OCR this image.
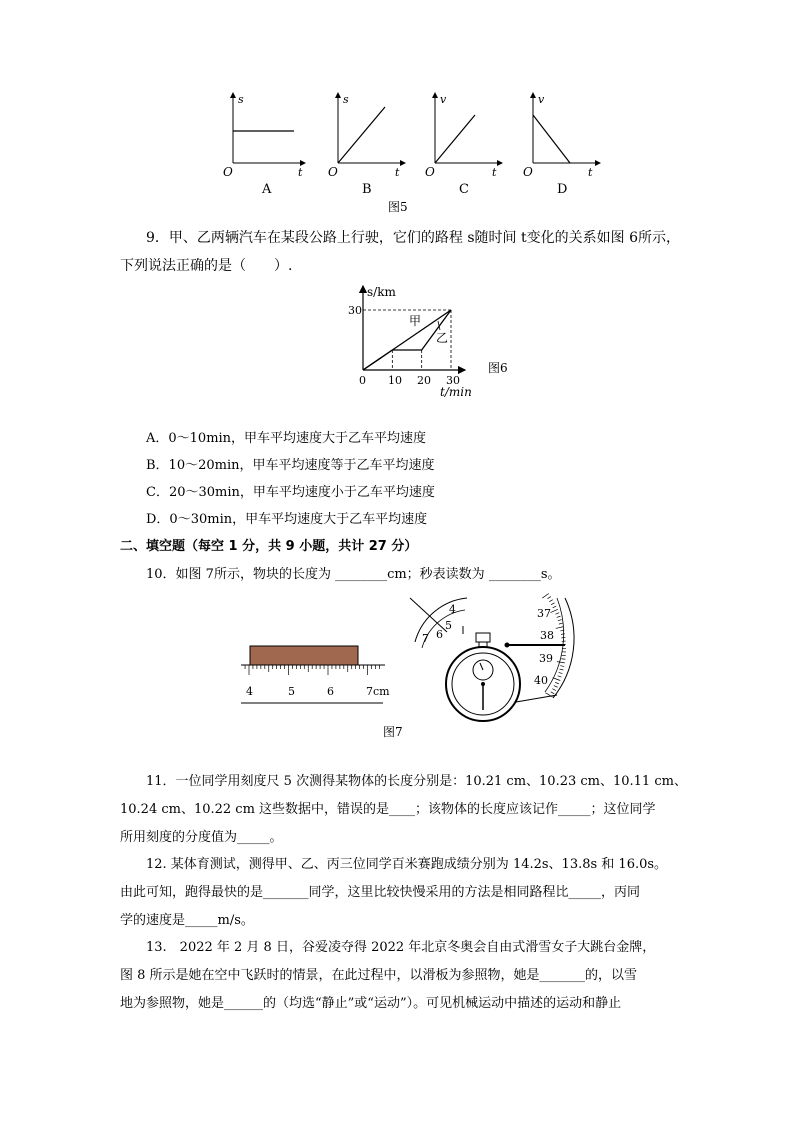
s
t
O
A
s
t
O
B
v
t
O
C
v
t
O
D
图5
9．甲、乙两辆汽车在某段公路上行驶，它们的路程 s随时间 t变化的关系如图 6所示，
下列说法正确的是（　　）.
s/km
30
0 10 20 30
t/min
甲
乙
图6
A．0～10min，甲车平均速度大于乙车平均速度
B．10～20min，甲车平均速度等于乙车平均速度
C．20～30min，甲车平均速度小于乙车平均速度
D．0～30min，甲车平均速度大于乙车平均速度
二、填空题（每空 1 分，共 9 小题，共计 27 分）
10．如图 7所示，物块的长度为 ________cm；秒表读数为 ________s。
4	5	6	7cm
4
5
6
7
37
38
39
40
图7
11．一位同学用刻度尺 5 次测得某物体的长度分别是：10.21 cm、10.23 cm、10.11 cm、
10.24 cm、10.22 cm 这些数据中，错误的是____；该物体的长度应该记作_____；这位同学
所用刻度的分度值为_____。
12. 某体育测试，测得甲、乙、丙三位同学百米赛跑成绩分别为 14.2s、13.8s 和 16.0s。
由此可知，跑得最快的是_______同学，这里比较快慢采用的方法是相同路程比_____，丙同
学的速度是_____m/s。
13.　2022 年 2 月 8 日，谷爱凌夺得 2022 年北京冬奥会自由式滑雪女子大跳台金牌，
图 8 所示是她在空中飞跃时的情景，在此过程中，以滑板为参照物，她是_______的，以雪
地为参照物，她是______的（均选“静止”或“运动”）。可见机械运动中描述的运动和静止
